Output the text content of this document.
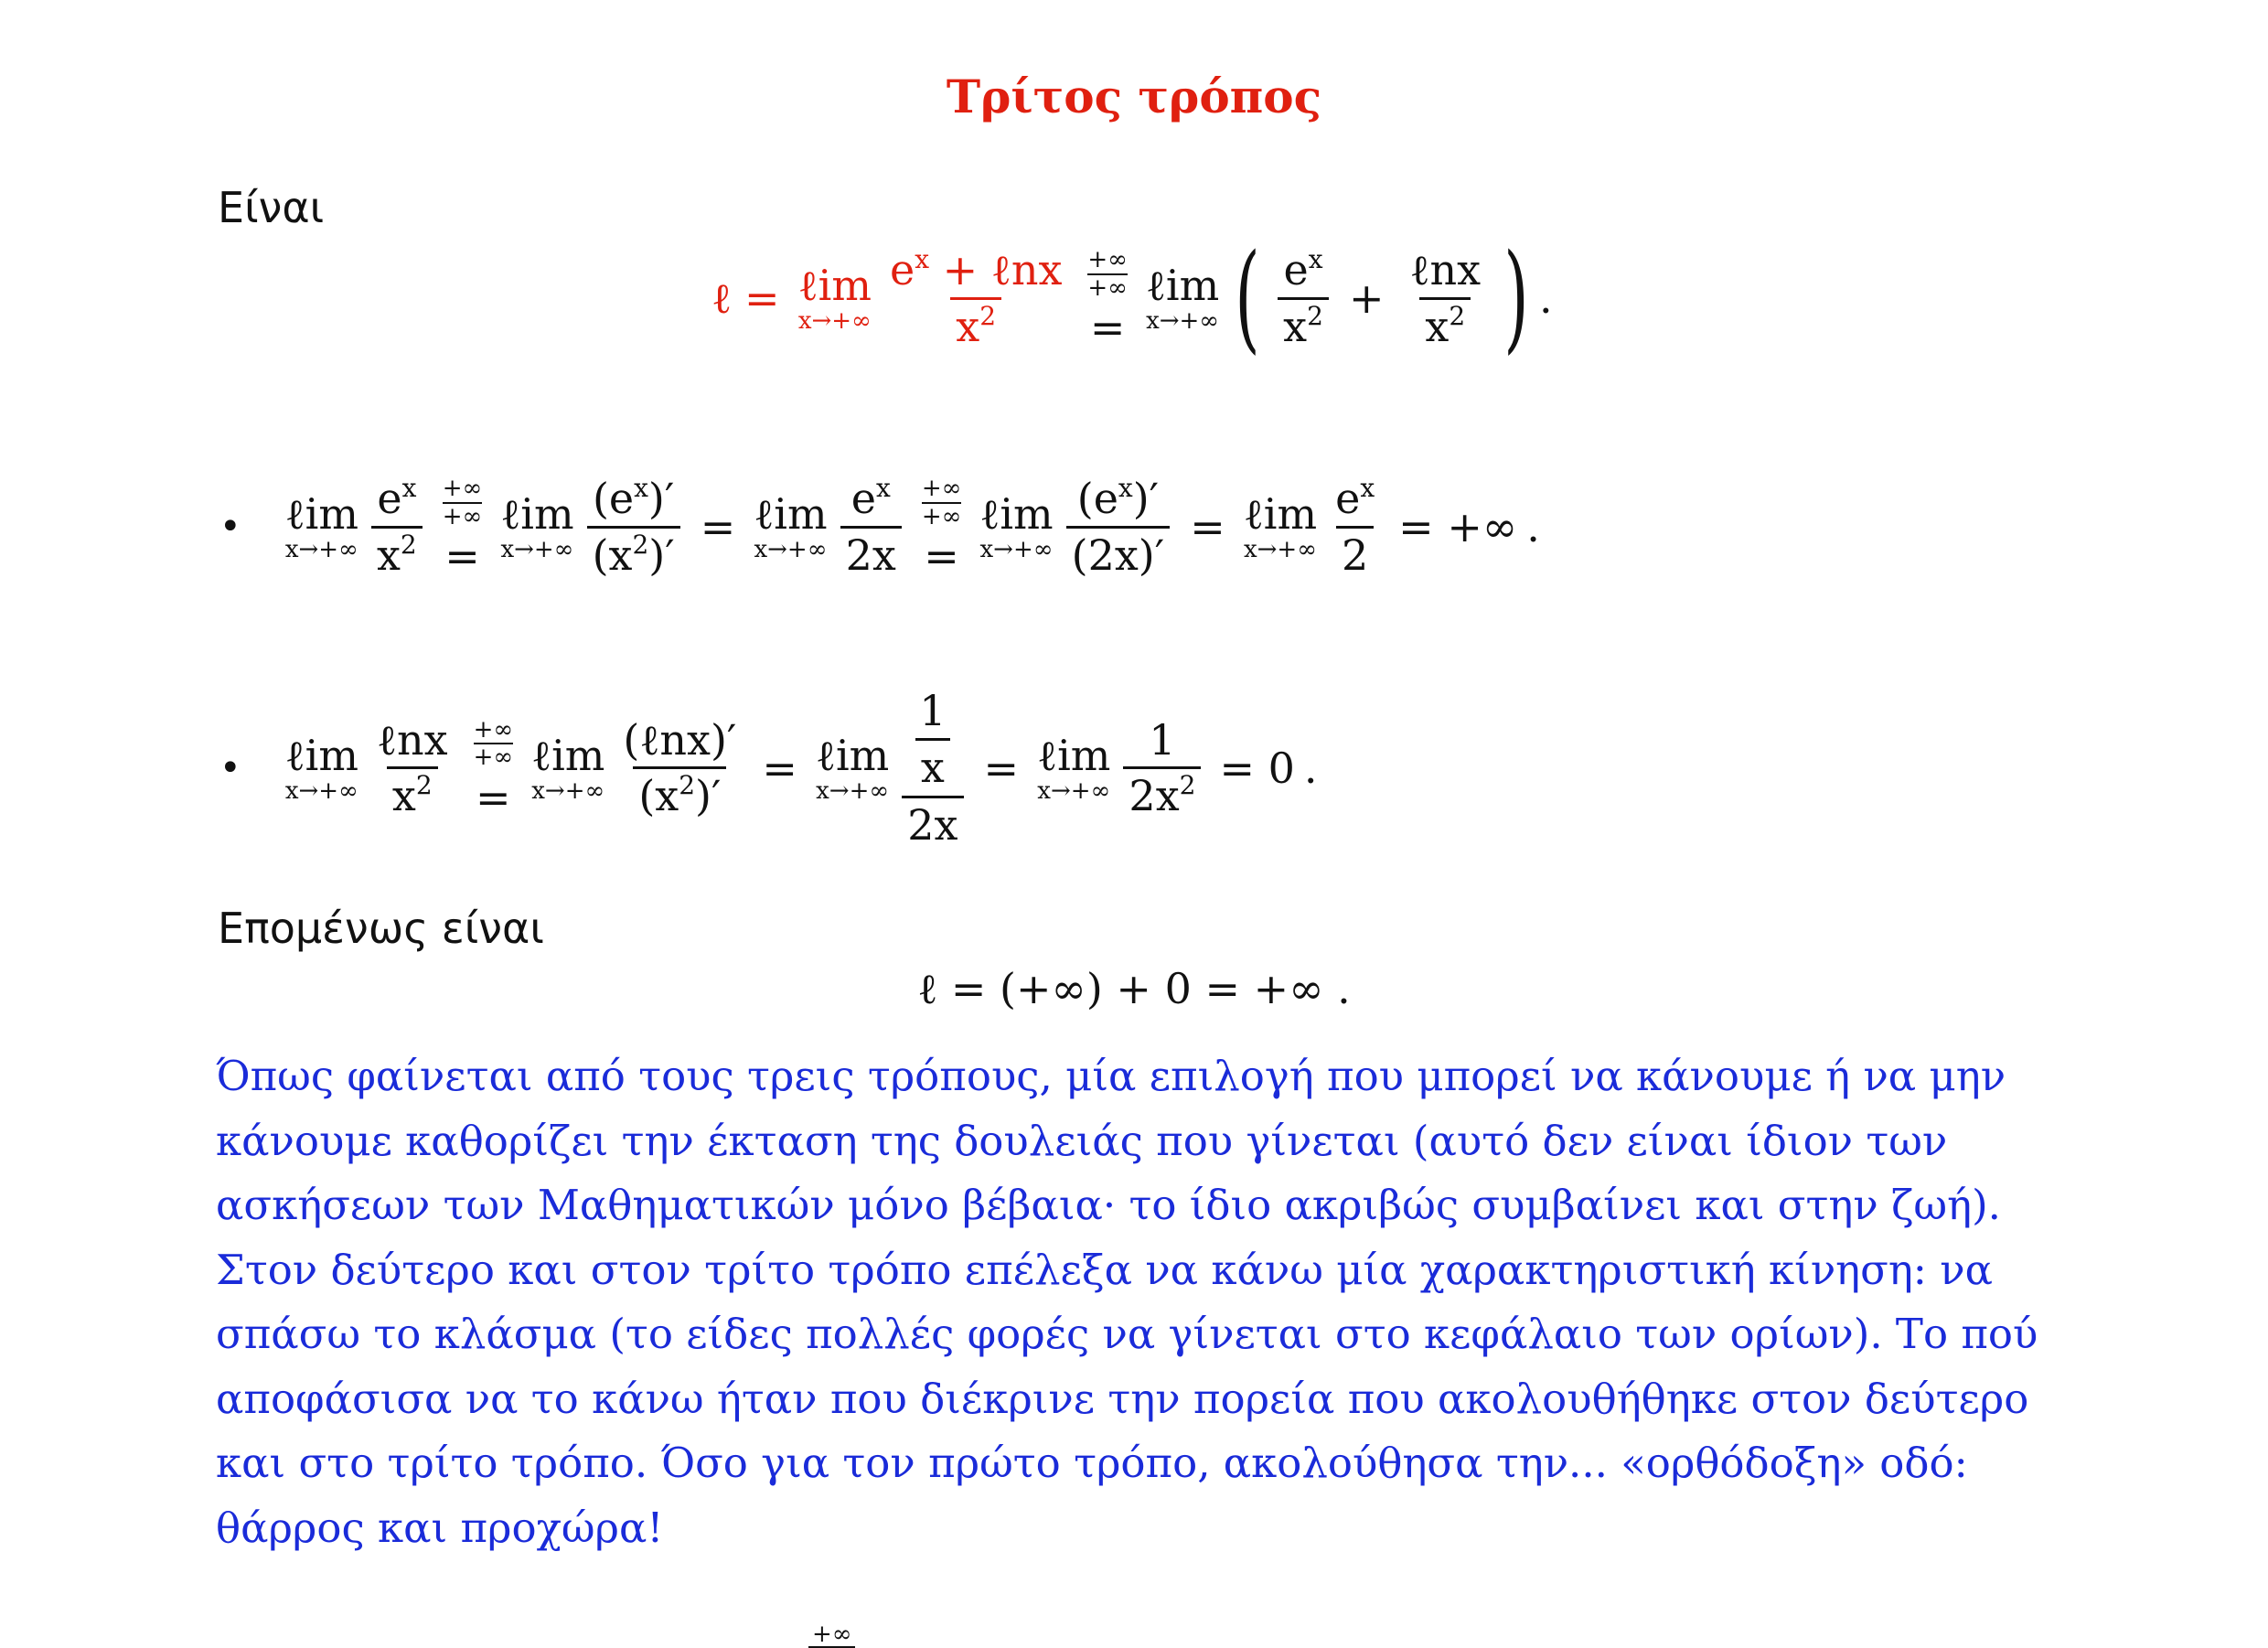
Τρίτος τρόπος
Είναι
ℓ = ℓim
$x\to+\infty \frac{e^x + \ell nx}{x^2}$ +∞
+∞
=
ℓim
x→+∞ ( $\frac{e^x}{x^2} + \frac{\text{ℓnx}}{x^2}$ ) .
• ℓim
$x\to+\infty \frac{e^x}{x^2}$ +∞
+∞
=
ℓim
$x\to+\infty \frac{(e^x)'}{(x^2)'}$ = ℓim
$x\to+\infty \frac{e^x}{2x}$ +∞
+∞
=
ℓim
$x\to+\infty \frac{(e^x)'}{(2x)'}$ = ℓim
$x\to+\infty \frac{e^x}{2}$ = +∞ .
• ℓim
$x\to+\infty \frac{\text{ℓnx}}{x^2}$ +∞
+∞
=
ℓim
$x\to+\infty \frac{\text{(ℓnx)′}}{(x^2)'}$ = ℓim
$x\to+\infty \frac{\frac{1}{x}}{2x}$ = ℓim
$x\to+\infty \frac{1}{2x^2} = 0$ .
Επομένως είναι
ℓ = (+∞) + 0 = +∞ .
Όπως φαίνεται από τους τρεις τρόπους, μία επιλογή που μπορεί να κάνουμε ή να μην
κάνουμε καθορίζει την έκταση της δουλειάς που γίνεται (αυτό δεν είναι ίδιον των
ασκήσεων των Μαθηματικών μόνο βέβαια· το ίδιο ακριβώς συμβαίνει και στην ζωή).
Στον δεύτερο και στον τρίτο τρόπο επέλεξα να κάνω μία χαρακτηριστική κίνηση: να
σπάσω το κλάσμα (το είδες πολλές φορές να γίνεται στο κεφάλαιο των ορίων). Το πού
αποφάσισα να το κάνω ήταν που διέκρινε την πορεία που ακολουθήθηκε στον δεύτερο
και στο τρίτο τρόπο. Όσο για τον πρώτο τρόπο, ακολούθησα την... «ορθόδοξη» οδό:
θάρρος και προχώρα!
+∞
